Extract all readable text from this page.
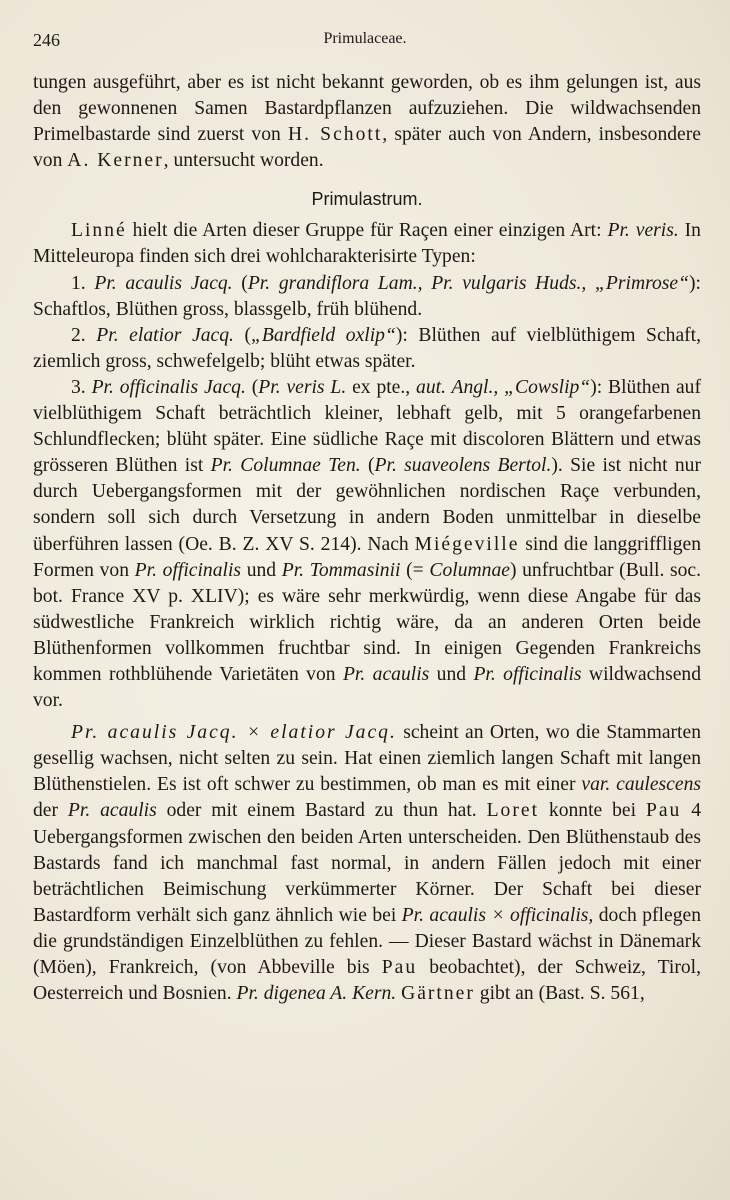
246	Primulaceae.

tungen ausgeführt, aber es ist nicht bekannt geworden, ob es ihm gelungen ist, aus den gewonnenen Samen Bastardpflanzen aufzuziehen. Die wildwachsenden Primelbastarde sind zuerst von H. Schott, später auch von Andern, insbesondere von A. Kerner, untersucht worden.

Primulastrum.

Linné hielt die Arten dieser Gruppe für Raçen einer einzigen Art: Pr. veris. In Mitteleuropa finden sich drei wohlcharakterisirte Typen:

1. Pr. acaulis Jacq. (Pr. grandiflora Lam., Pr. vulgaris Huds., „Primrose“): Schaftlos, Blüthen gross, blassgelb, früh blühend.

2. Pr. elatior Jacq. („Bardfield oxlip“): Blüthen auf vielblüthigem Schaft, ziemlich gross, schwefelgelb; blüht etwas später.

3. Pr. officinalis Jacq. (Pr. veris L. ex pte., aut. Angl., „Cowslip“): Blüthen auf vielblüthigem Schaft beträchtlich kleiner, lebhaft gelb, mit 5 orangefarbenen Schlundflecken; blüht später. Eine südliche Raçe mit discoloren Blättern und etwas grösseren Blüthen ist Pr. Columnae Ten. (Pr. suaveolens Bertol.). Sie ist nicht nur durch Uebergangsformen mit der gewöhnlichen nordischen Raçe verbunden, sondern soll sich durch Versetzung in andern Boden unmittelbar in dieselbe überführen lassen (Oe. B. Z. XV S. 214). Nach Miégeville sind die langgriffligen Formen von Pr. officinalis und Pr. Tommasinii (= Columnae) unfruchtbar (Bull. soc. bot. France XV p. XLIV); es wäre sehr merkwürdig, wenn diese Angabe für das südwestliche Frankreich wirklich richtig wäre, da an anderen Orten beide Blüthenformen vollkommen fruchtbar sind. In einigen Gegenden Frankreichs kommen rothblühende Varietäten von Pr. acaulis und Pr. officinalis wildwachsend vor.

Pr. acaulis Jacq. × elatior Jacq. scheint an Orten, wo die Stammarten gesellig wachsen, nicht selten zu sein. Hat einen ziemlich langen Schaft mit langen Blüthenstielen. Es ist oft schwer zu bestimmen, ob man es mit einer var. caulescens der Pr. acaulis oder mit einem Bastard zu thun hat. Loret konnte bei Pau 4 Uebergangsformen zwischen den beiden Arten unterscheiden. Den Blüthenstaub des Bastards fand ich manchmal fast normal, in andern Fällen jedoch mit einer beträchtlichen Beimischung verkümmerter Körner. Der Schaft bei dieser Bastardform verhält sich ganz ähnlich wie bei Pr. acaulis × officinalis, doch pflegen die grundständigen Einzelblüthen zu fehlen. — Dieser Bastard wächst in Dänemark (Möen), Frankreich, (von Abbeville bis Pau beobachtet), der Schweiz, Tirol, Oesterreich und Bosnien. Pr. digenea A. Kern. Gärtner gibt an (Bast. S. 561,
